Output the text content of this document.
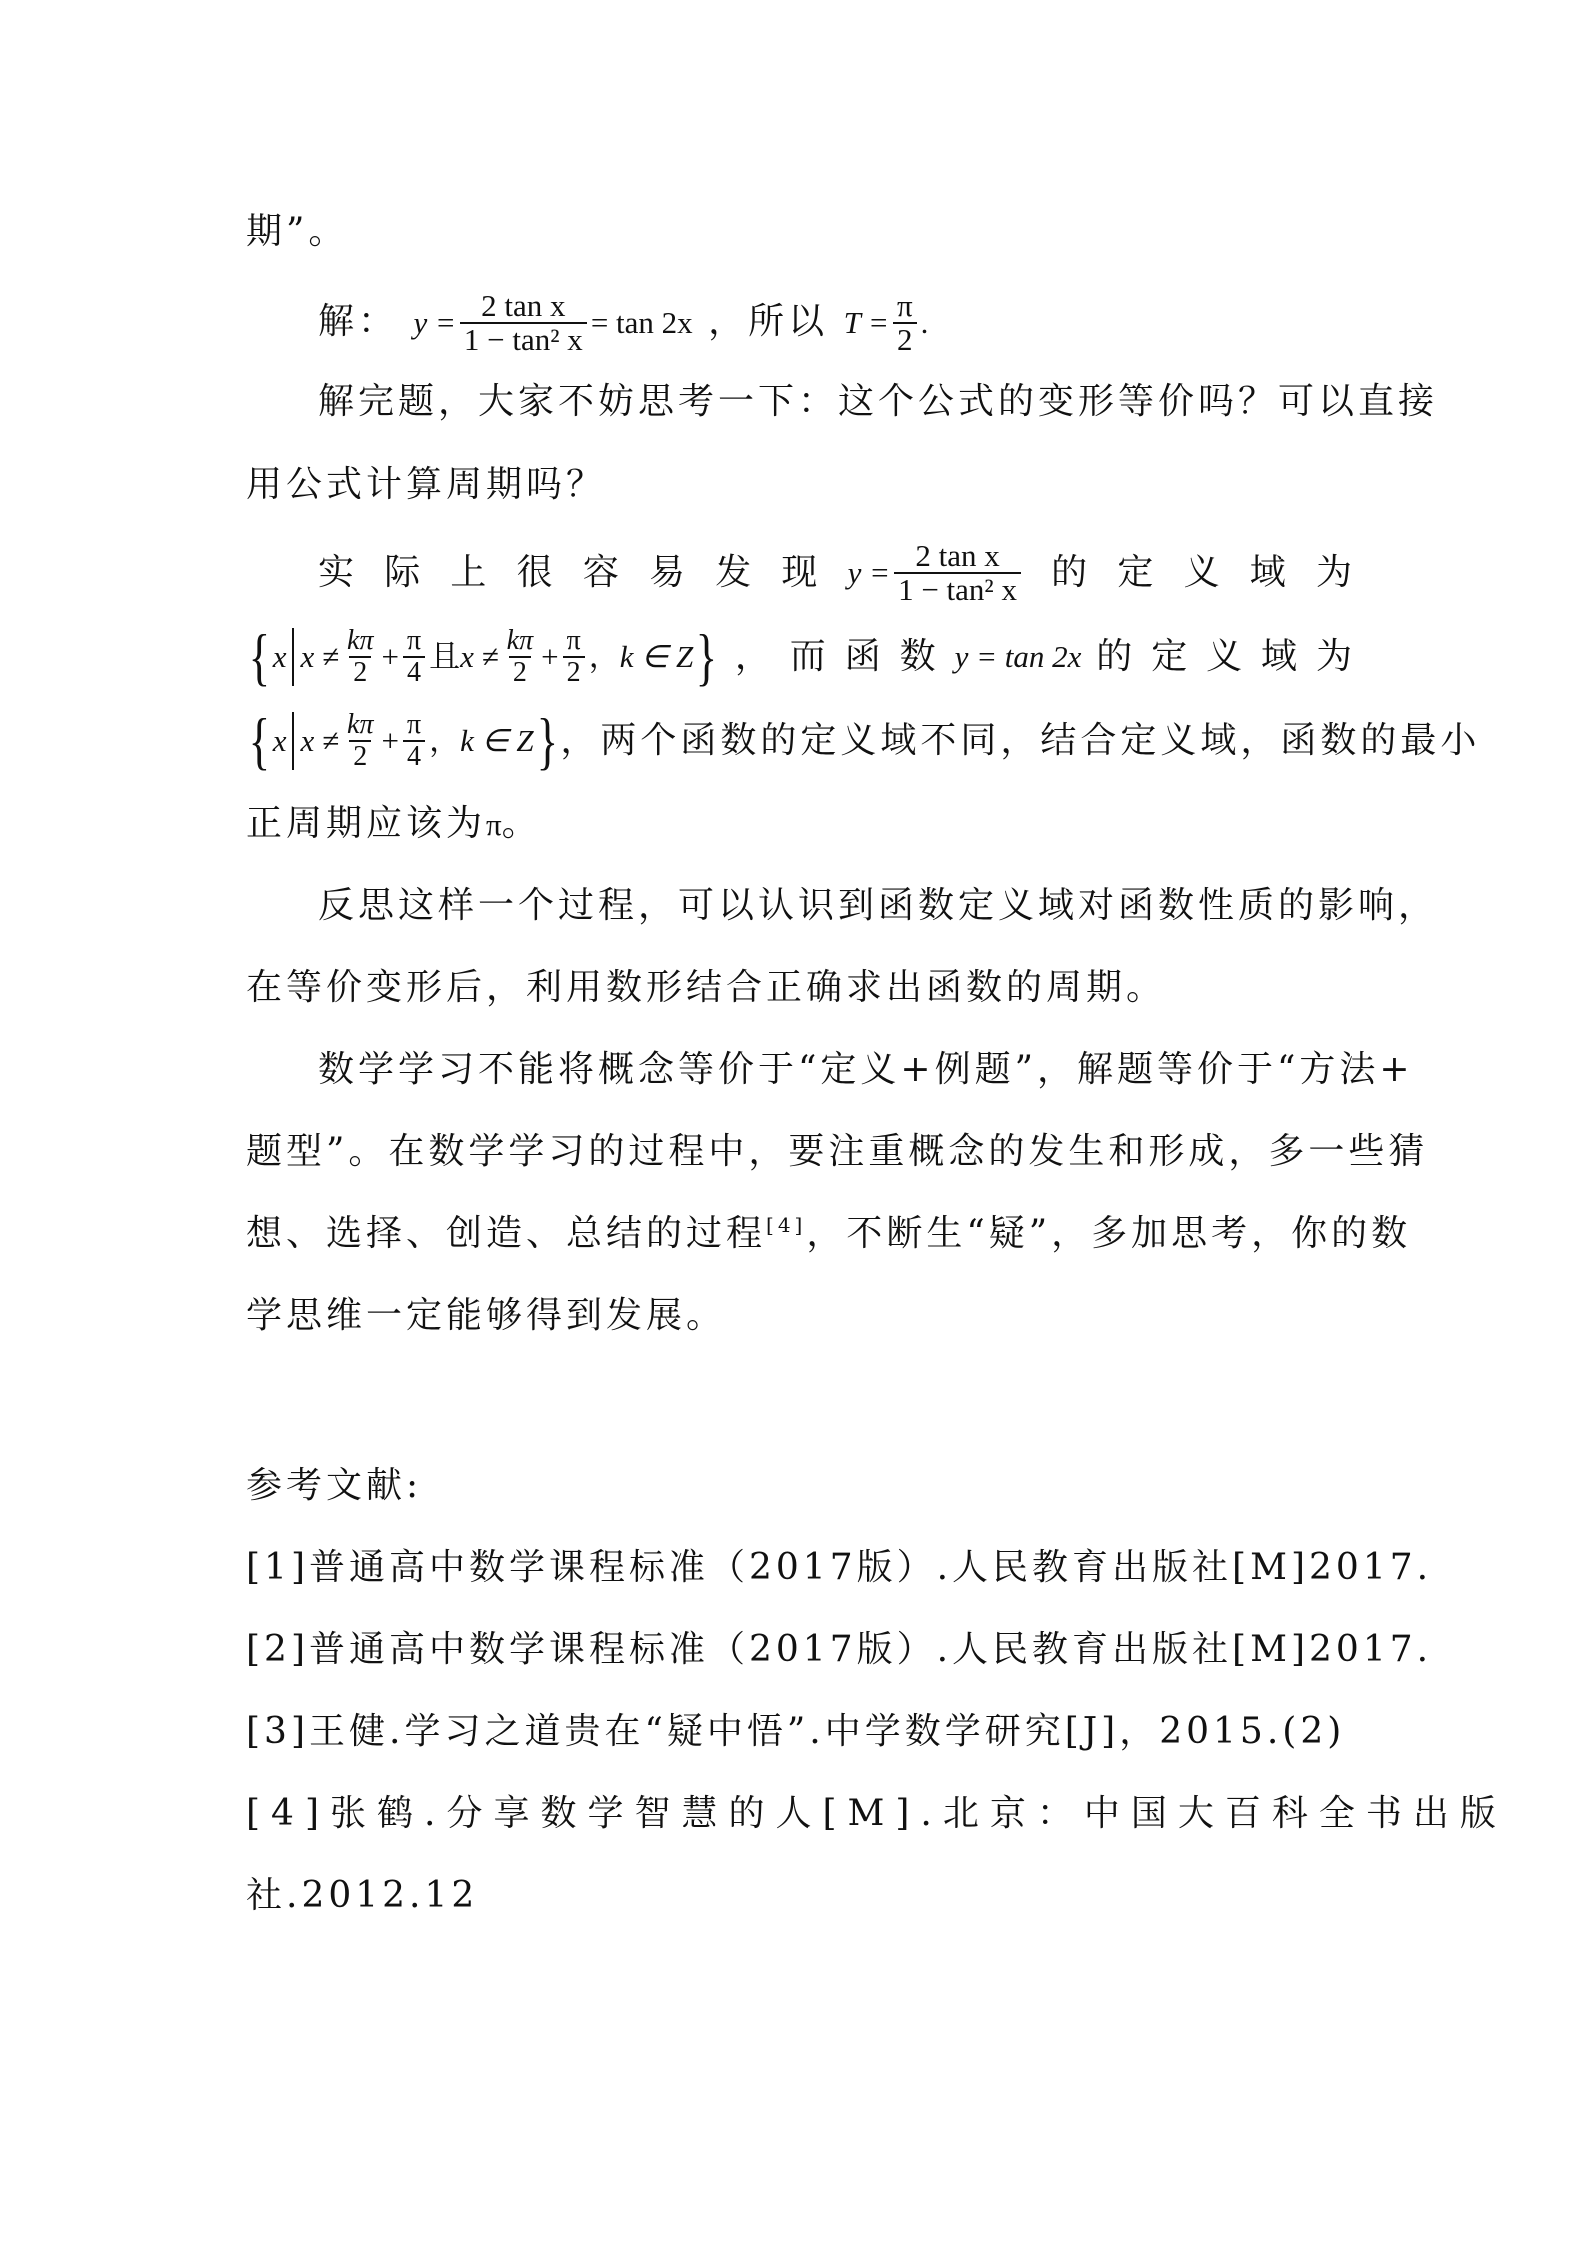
期”。
解： $y = \frac{\text{2 tan x}}{\text{1 − tan² x}} = \tan 2x$ ，所以 $T = \frac{\pi}{2}$ .
解完题，大家不妨思考一下：这个公式的变形等价吗？可以直接
用公式计算周期吗？
实 际 上 很 容 易 发 现 $y = \frac{\text{2 tan x}}{\text{1 − tan² x}}$ 的 定 义 域 为
{ x $x \ne \frac{k\pi}{2} + \frac{\pi}{4}$ 且 $x \ne \frac{k\pi}{2} + \frac{\pi}{2}$ ， k ∈ Z } ， 而 函 数 y = tan 2x 的 定 义 域 为
{ x $x \ne \frac{k\pi}{2} + \frac{\pi}{4}$ ， k ∈ Z } ，两个函数的定义域不同，结合定义域，函数的最小
正周期应该为π。
反思这样一个过程，可以认识到函数定义域对函数性质的影响，
在等价变形后，利用数形结合正确求出函数的周期。
数学学习不能将概念等价于“定义+例题”，解题等价于“方法+
题型”。在数学学习的过程中，要注重概念的发生和形成，多一些猜
想、选择、创造、总结的过程[4]，不断生“疑”，多加思考，你的数
学思维一定能够得到发展。
参考文献:
[1]普通高中数学课程标准（2017版）.人民教育出版社[M]2017.
[2]普通高中数学课程标准（2017版）.人民教育出版社[M]2017.
[3]王健.学习之道贵在“疑中悟”.中学数学研究[J]，2015.(2)
[4]张鹤.分享数学智慧的人[M].北京：中国大百科全书出版
社.2012.12
